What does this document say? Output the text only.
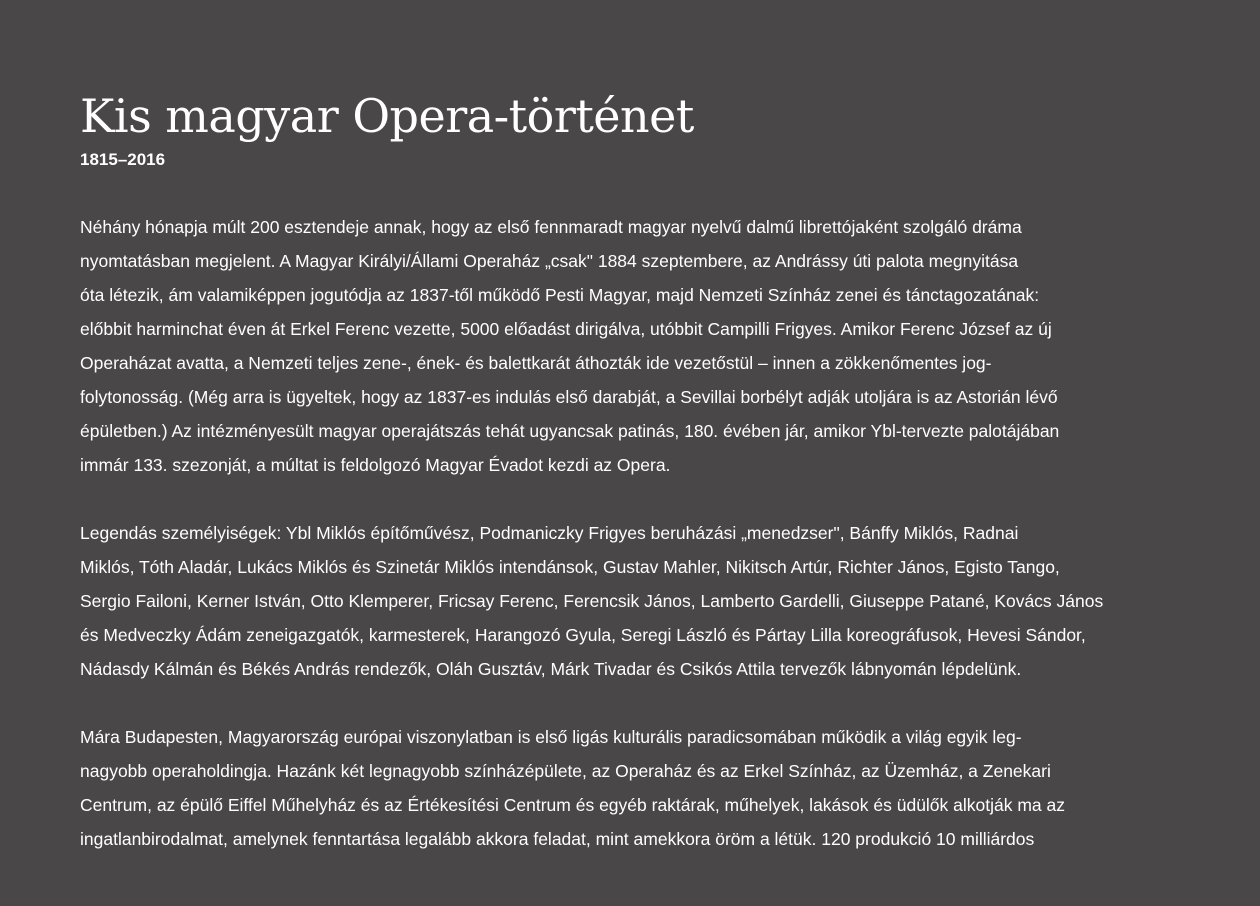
Kis magyar Opera-történet
1815–2016

Néhány hónapja múlt 200 esztendeje annak, hogy az első fennmaradt magyar nyelvű dalmű librettójaként szolgáló dráma
nyomtatásban megjelent. A Magyar Királyi/Állami Operaház „csak" 1884 szeptembere, az Andrássy úti palota megnyitása
óta létezik, ám valamiképpen jogutódja az 1837-től működő Pesti Magyar, majd Nemzeti Színház zenei és tánctagozatának:
előbbit harminchat éven át Erkel Ferenc vezette, 5000 előadást dirigálva, utóbbit Campilli Frigyes. Amikor Ferenc József az új
Operaházat avatta, a Nemzeti teljes zene-, ének- és balettkarát áthozták ide vezetőstül – innen a zökkenőmentes jog-
folytonosság. (Még arra is ügyeltek, hogy az 1837-es indulás első darabját, a Sevillai borbélyt adják utoljára is az Astorián lévő
épületben.) Az intézményesült magyar operajátszás tehát ugyancsak patinás, 180. évében jár, amikor Ybl-tervezte palotájában
immár 133. szezonját, a múltat is feldolgozó Magyar Évadot kezdi az Opera.

Legendás személyiségek: Ybl Miklós építőművész, Podmaniczky Frigyes beruházási „menedzser", Bánffy Miklós, Radnai
Miklós, Tóth Aladár, Lukács Miklós és Szinetár Miklós intendánsok, Gustav Mahler, Nikitsch Artúr, Richter János, Egisto Tango,
Sergio Failoni, Kerner István, Otto Klemperer, Fricsay Ferenc, Ferencsik János, Lamberto Gardelli, Giuseppe Patané, Kovács János
és Medveczky Ádám zeneigazgatók, karmesterek, Harangozó Gyula, Seregi László és Pártay Lilla koreográfusok, Hevesi Sándor,
Nádasdy Kálmán és Békés András rendezők, Oláh Gusztáv, Márk Tivadar és Csikós Attila tervezők lábnyomán lépdelünk.

Mára Budapesten, Magyarország európai viszonylatban is első ligás kulturális paradicsomában működik a világ egyik leg-
nagyobb operaholdingja. Hazánk két legnagyobb színházépülete, az Operaház és az Erkel Színház, az Üzemház, a Zenekari
Centrum, az épülő Eiffel Műhelyház és az Értékesítési Centrum és egyéb raktárak, műhelyek, lakások és üdülők alkotják ma az
ingatlanbirodalmat, amelynek fenntartása legalább akkora feladat, mint amekkora öröm a létük. 120 produkció 10 milliárdos
